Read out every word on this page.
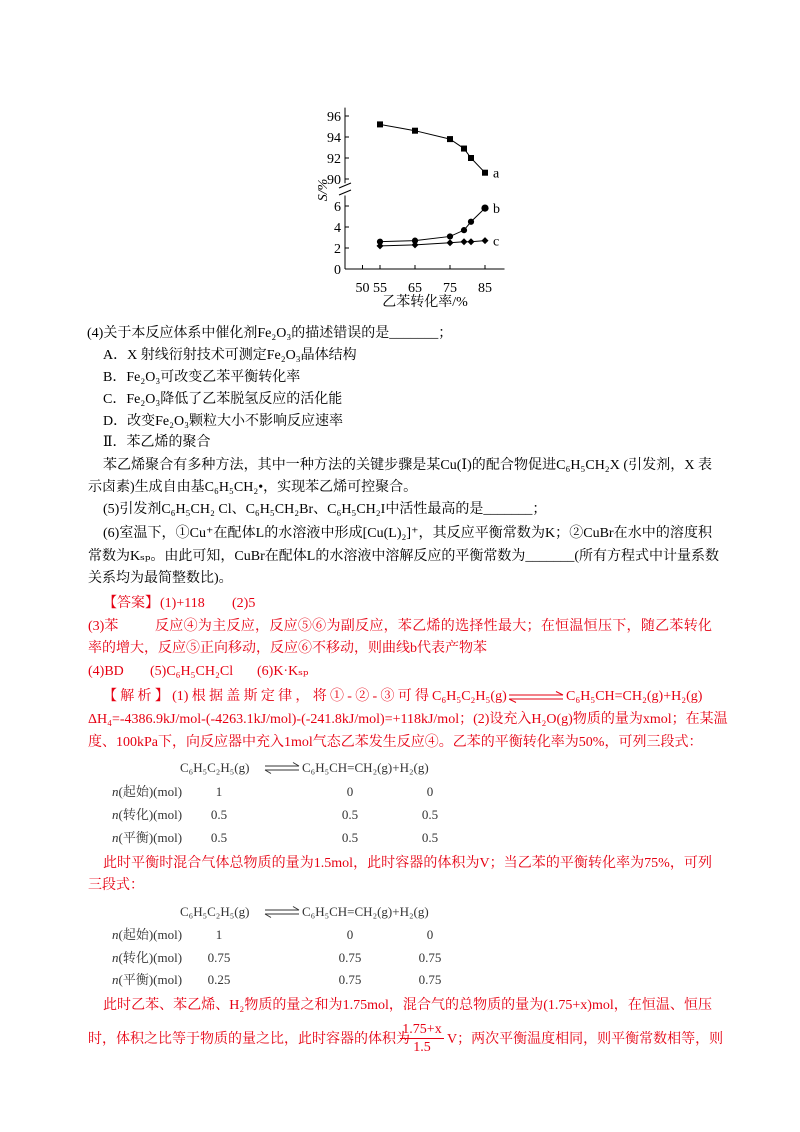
0
2
4
6
90
92
94
96
50 55 65 75 85
乙苯转化率/%
S/%
a
b
c
(4)关于本反应体系中催化剂Fe₂O₃的描述错误的是_______；
A．X 射线衍射技术可测定Fe₂O₃晶体结构
B．Fe₂O₃可改变乙苯平衡转化率
C．Fe₂O₃降低了乙苯脱氢反应的活化能
D．改变Fe₂O₃颗粒大小不影响反应速率
Ⅱ．苯乙烯的聚合
苯乙烯聚合有多种方法，其中一种方法的关键步骤是某Cu(Ⅰ)的配合物促进C₆H₅CH₂X (引发剂，X 表
示卤素)生成自由基C₆H₅CH₂•，实现苯乙烯可控聚合。
(5)引发剂C₆H₅CH₂ Cl、C₆H₅CH₂Br、C₆H₅CH₂I中活性最高的是_______；
(6)室温下，①Cu⁺在配体L的水溶液中形成[Cu(L)₂]⁺，其反应平衡常数为K；②CuBr在水中的溶度积
常数为Kₛₚ。由此可知，CuBr在配体L的水溶液中溶解反应的平衡常数为_______(所有方程式中计量系数
关系均为最简整数比)。
【答案】 (1)+118 (2)5
(3)苯	反应④为主反应，反应⑤⑥为副反应，苯乙烯的选择性最大；在恒温恒压下，随乙苯转化
率的增大，反应⑤正向移动，反应⑥不移动，则曲线b代表产物苯
(4)BD (5)C₆H₅CH₂Cl (6)K·Kₛₚ
【解析】(1)根据盖斯定律，将①-②-③可得 C₆H₅C₂H₅(g) ⇌ C₆H₅CH=CH₂(g)+H₂(g)
ΔH₄=-4386.9kJ/mol-(-4263.1kJ/mol)-(-241.8kJ/mol)=+118kJ/mol；(2)设充入H₂O(g)物质的量为xmol；在某温
度、100kPa下，向反应器中充入1mol气态乙苯发生反应④。乙苯的平衡转化率为50%，可列三段式：
C₆H₅C₂H₅(g) ⇌ C₆H₅CH=CH₂(g)+H₂(g)
n(起始)(mol)	1	0	0
n(转化)(mol)	0.5	0.5	0.5
n(平衡)(mol)	0.5	0.5	0.5
此时平衡时混合气体总物质的量为1.5mol，此时容器的体积为V；当乙苯的平衡转化率为75%，可列
三段式：
C₆H₅C₂H₅(g) ⇌ C₆H₅CH=CH₂(g)+H₂(g)
n(起始)(mol)	1	0	0
n(转化)(mol)	0.75	0.75	0.75
n(平衡)(mol)	0.25	0.75	0.75
此时乙苯、苯乙烯、H₂物质的量之和为1.75mol，混合气的总物质的量为(1.75+x)mol，在恒温、恒压
时，体积之比等于物质的量之比，此时容器的体积为
$\frac{1.75+x}{1.5}$ V；两次平衡温度相同，则平衡常数相等，则
